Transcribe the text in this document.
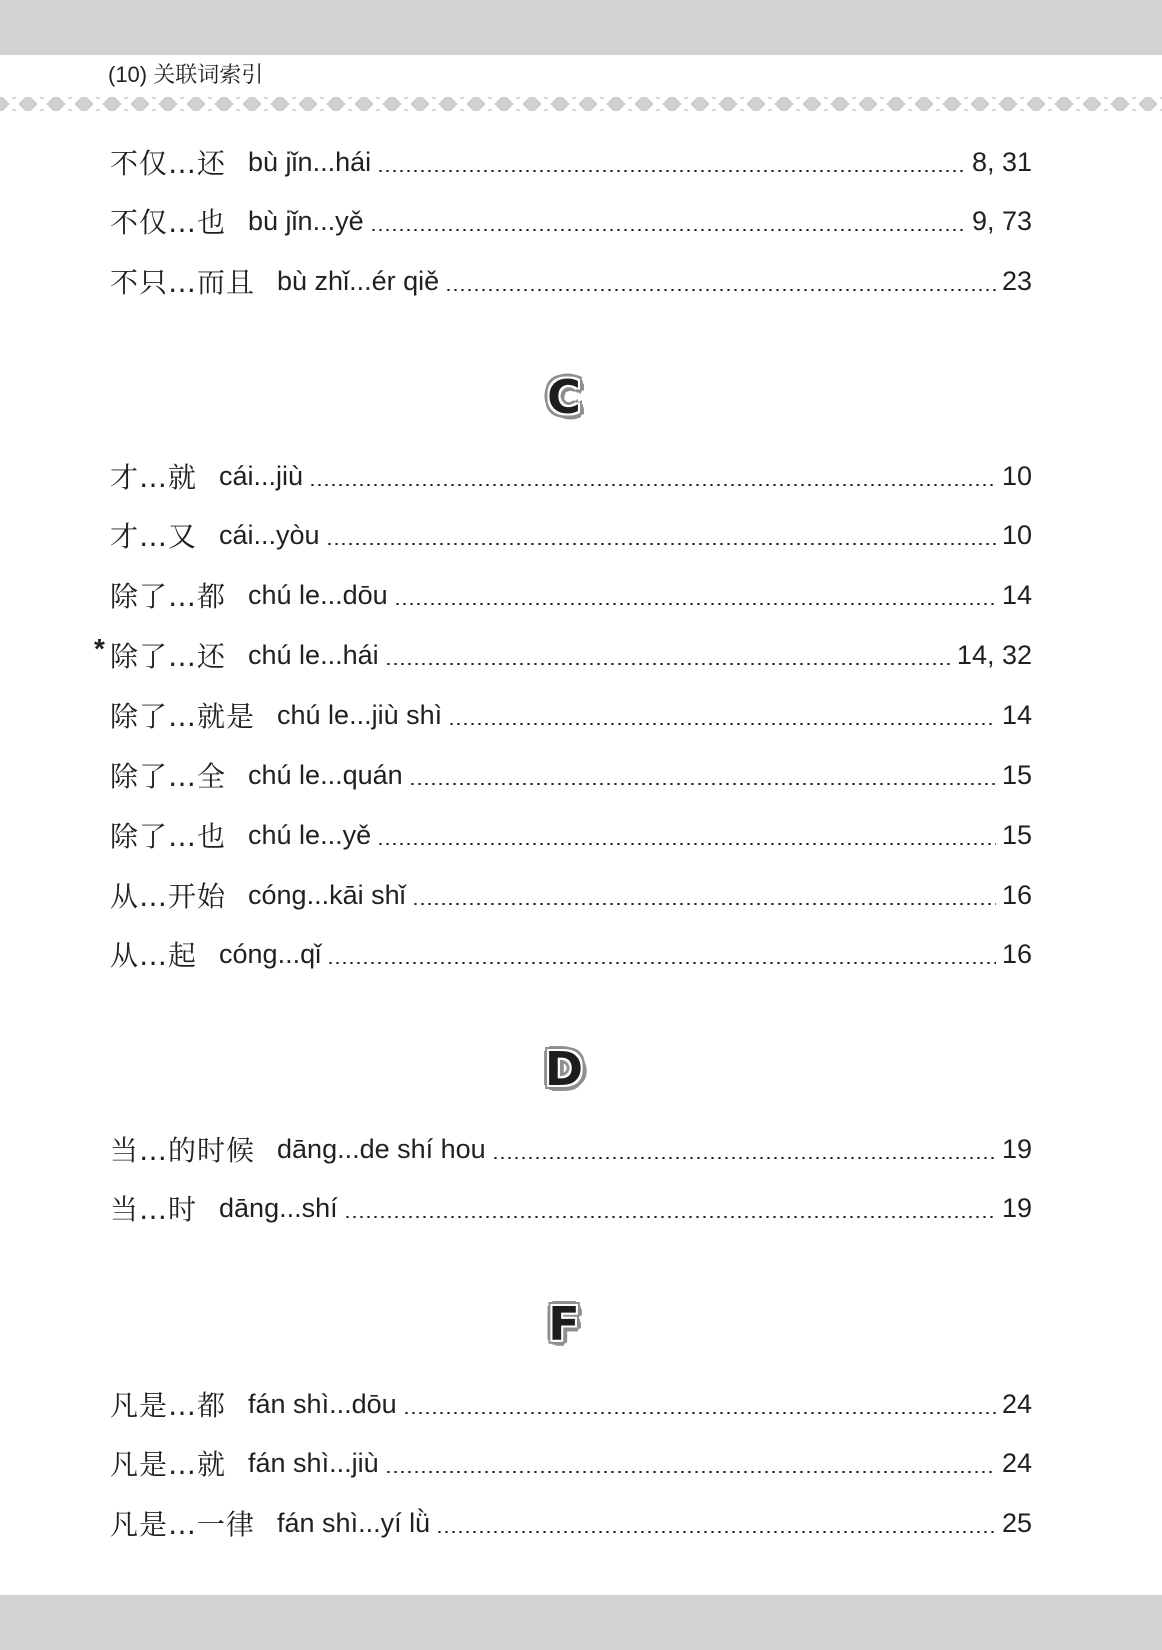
(10) 关联词索引
不仅…还 bù jǐn...hái	8, 31
不仅…也 bù jǐn...yě	9, 73
不只…而且 bù zhǐ...ér qiě	23
C
才…就 cái...jiù	10
才…又 cái...yòu	10
除了…都 chú le...dōu	14
* 除了…还 chú le...hái	14, 32
除了…就是 chú le...jiù shì	14
除了…全 chú le...quán	15
除了…也 chú le...yě	15
从…开始 cóng...kāi shǐ	16
从…起 cóng...qǐ	16
D
当…的时候 dāng...de shí hou	19
当…时 dāng...shí	19
F
凡是…都 fán shì...dōu	24
凡是…就 fán shì...jiù	24
凡是…一律 fán shì...yí lǜ	25
